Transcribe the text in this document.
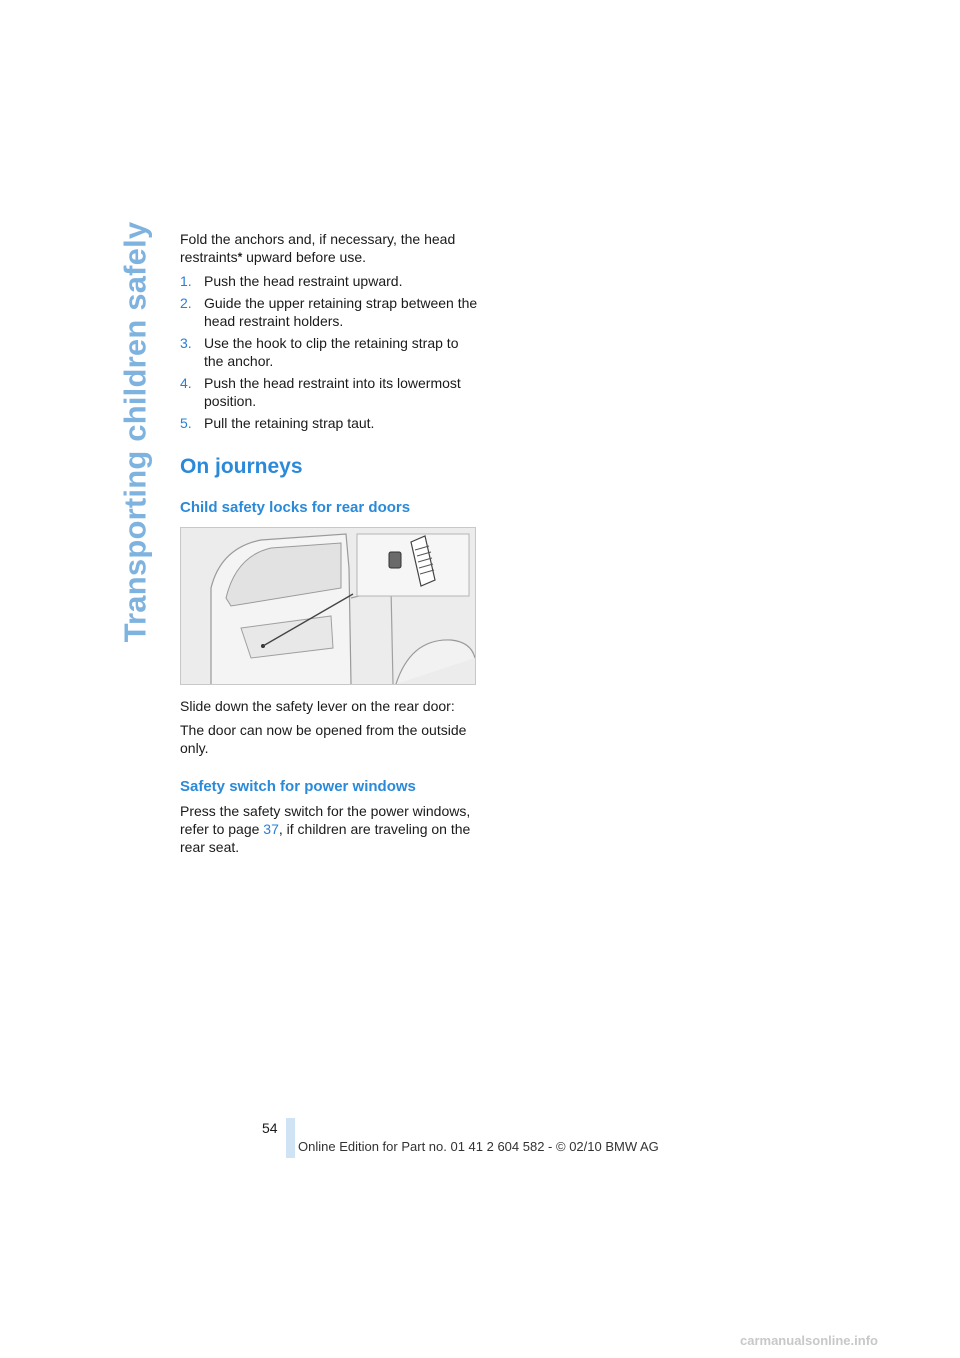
Transporting children safely Fold the anchors and, if necessary, the head restraints* upward before use.

1. Push the head restraint upward.
2. Guide the upper retaining strap between the head restraint holders.
3. Use the hook to clip the retaining strap to the anchor.
4. Push the head restraint into its lowermost position.
5. Pull the retaining strap taut.
On journeys
Child safety locks for rear doors

Slide down the safety lever on the rear door:

The door can now be opened from the outside only.

Safety switch for power windows

Press the safety switch for the power windows, refer to page 37, if children are traveling on the rear seat.

54
Online Edition for Part no. 01 41 2 604 582 - © 02/10 BMW AG
carmanualsonline.info
